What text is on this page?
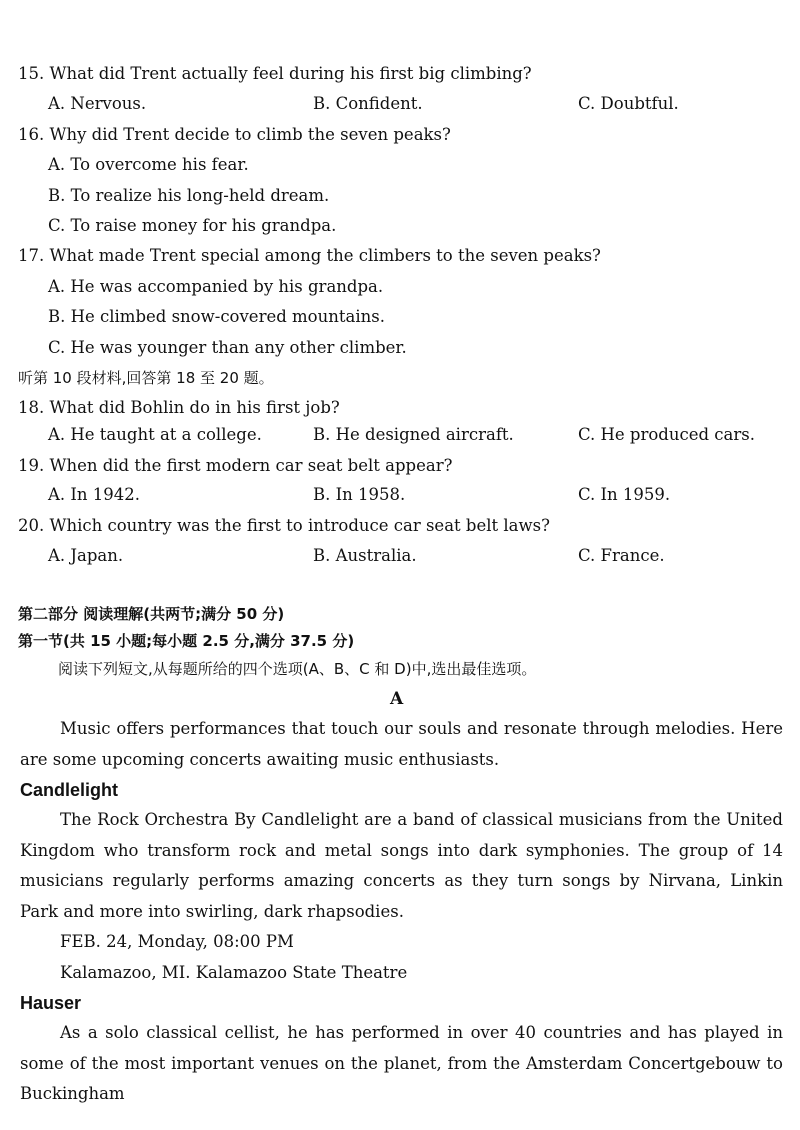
15. What did Trent actually feel during his first big climbing?
A. Nervous.	B. Confident.	C. Doubtful.
16. Why did Trent decide to climb the seven peaks?
A. To overcome his fear.
B. To realize his long-held dream.
C. To raise money for his grandpa.
17. What made Trent special among the climbers to the seven peaks?
A. He was accompanied by his grandpa.
B. He climbed snow-covered mountains.
C. He was younger than any other climber.
听第 10 段材料,回答第 18 至 20 题。
18. What did Bohlin do in his first job?
A. He taught at a college.	B. He designed aircraft.	C. He produced cars.
19. When did the first modern car seat belt appear?
A. In 1942.	B. In 1958.	C. In 1959.
20. Which country was the first to introduce car seat belt laws?
A. Japan.	B. Australia.	C. France.
第二部分 阅读理解(共两节;满分 50 分)
第一节(共 15 小题;每小题 2.5 分,满分 37.5 分)
阅读下列短文,从每题所给的四个选项(A、B、C 和 D)中,选出最佳选项。
A
Music offers performances that touch our souls and resonate through melodies. Here are some upcoming concerts awaiting music enthusiasts.
Candlelight
The Rock Orchestra By Candlelight are a band of classical musicians from the United Kingdom who transform rock and metal songs into dark symphonies. The group of 14 musicians regularly performs amazing concerts as they turn songs by Nirvana, Linkin Park and more into swirling, dark rhapsodies.
FEB. 24, Monday, 08:00 PM
Kalamazoo, MI. Kalamazoo State Theatre
Hauser
As a solo classical cellist, he has performed in over 40 countries and has played in some of the most important venues on the planet, from the Amsterdam Concertgebouw to Buckingham
